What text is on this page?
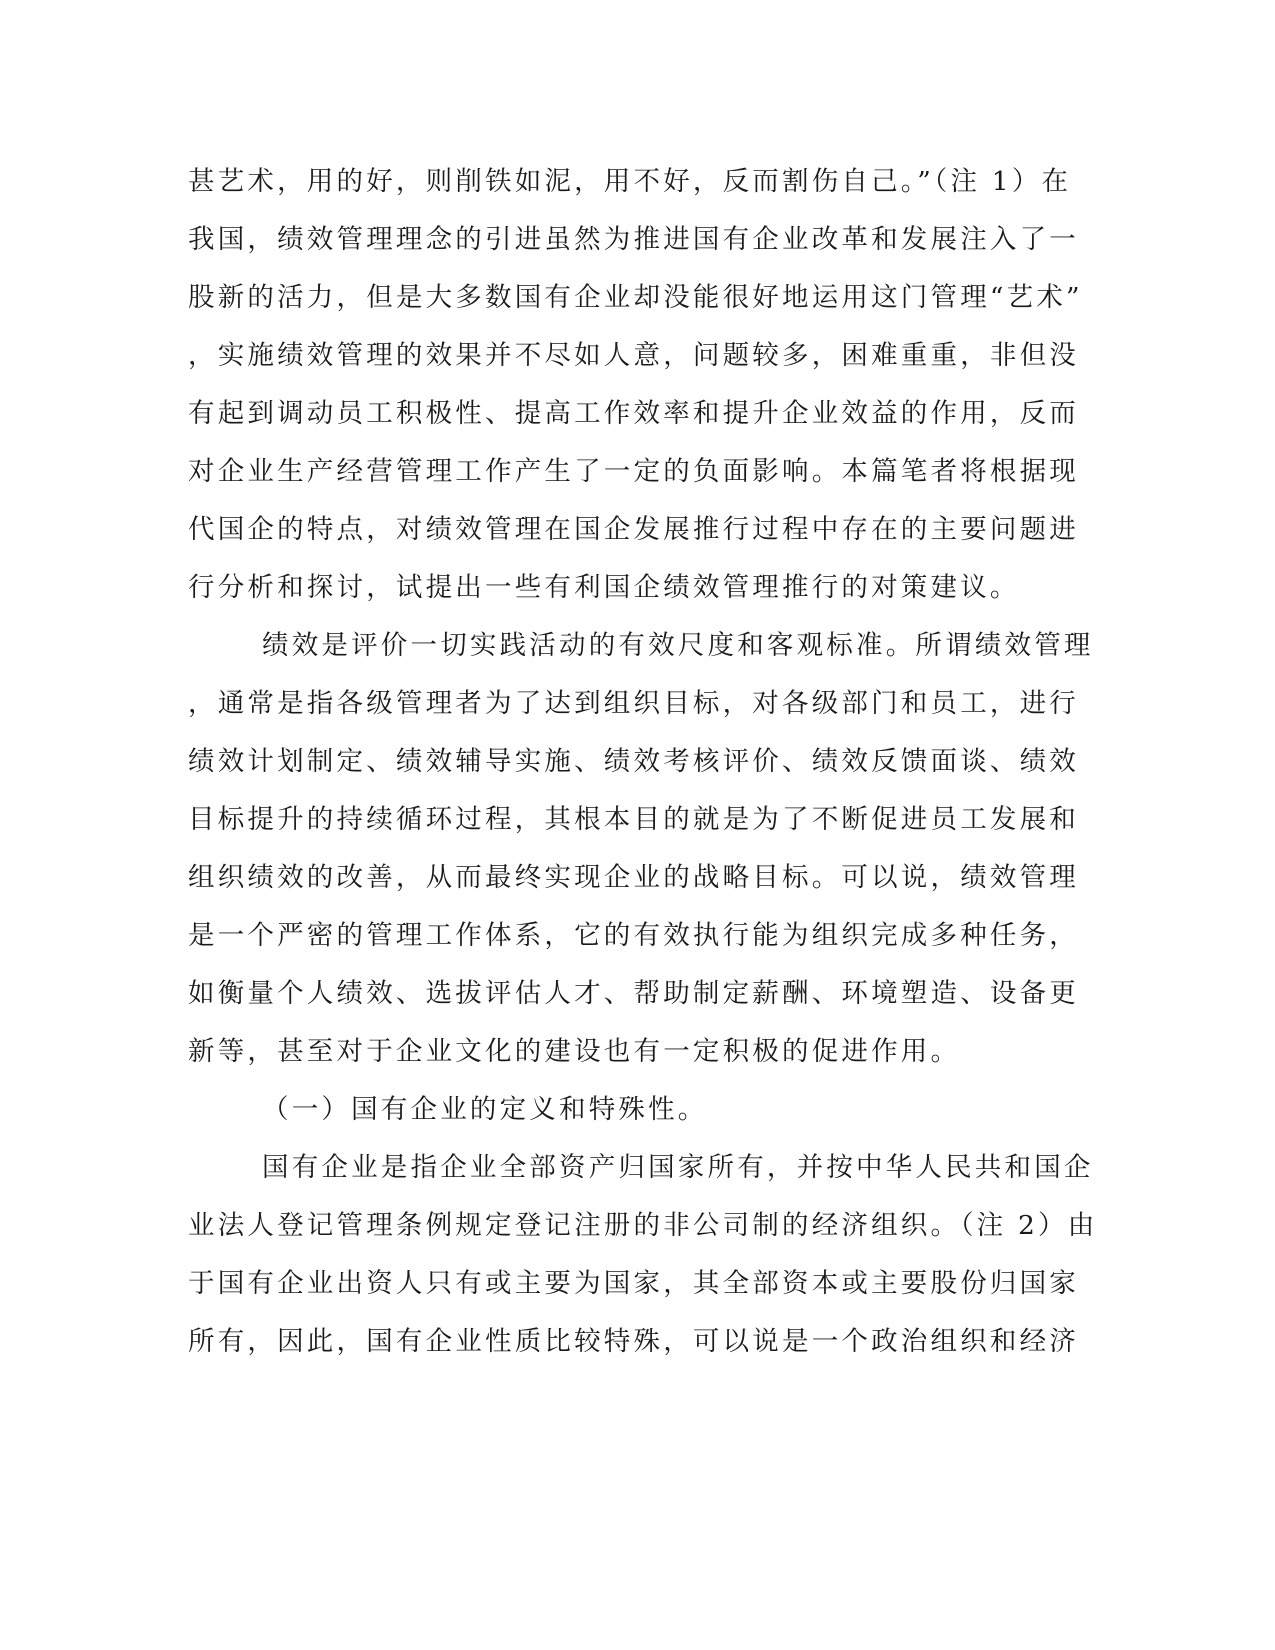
甚艺术，用的好，则削铁如泥，用不好，反而割伤自己。”（注 1）在
我国，绩效管理理念的引进虽然为推进国有企业改革和发展注入了一
股新的活力，但是大多数国有企业却没能很好地运用这门管理“艺术”
，实施绩效管理的效果并不尽如人意，问题较多，困难重重，非但没
有起到调动员工积极性、提高工作效率和提升企业效益的作用，反而
对企业生产经营管理工作产生了一定的负面影响。本篇笔者将根据现
代国企的特点，对绩效管理在国企发展推行过程中存在的主要问题进
行分析和探讨，试提出一些有利国企绩效管理推行的对策建议。
绩效是评价一切实践活动的有效尺度和客观标准。所谓绩效管理
，通常是指各级管理者为了达到组织目标，对各级部门和员工，进行
绩效计划制定、绩效辅导实施、绩效考核评价、绩效反馈面谈、绩效
目标提升的持续循环过程，其根本目的就是为了不断促进员工发展和
组织绩效的改善，从而最终实现企业的战略目标。可以说，绩效管理
是一个严密的管理工作体系，它的有效执行能为组织完成多种任务，
如衡量个人绩效、选拔评估人才、帮助制定薪酬、环境塑造、设备更
新等，甚至对于企业文化的建设也有一定积极的促进作用。
（一）国有企业的定义和特殊性。
国有企业是指企业全部资产归国家所有，并按中华人民共和国企
业法人登记管理条例规定登记注册的非公司制的经济组织。（注 2）由
于国有企业出资人只有或主要为国家，其全部资本或主要股份归国家
所有，因此，国有企业性质比较特殊，可以说是一个政治组织和经济
